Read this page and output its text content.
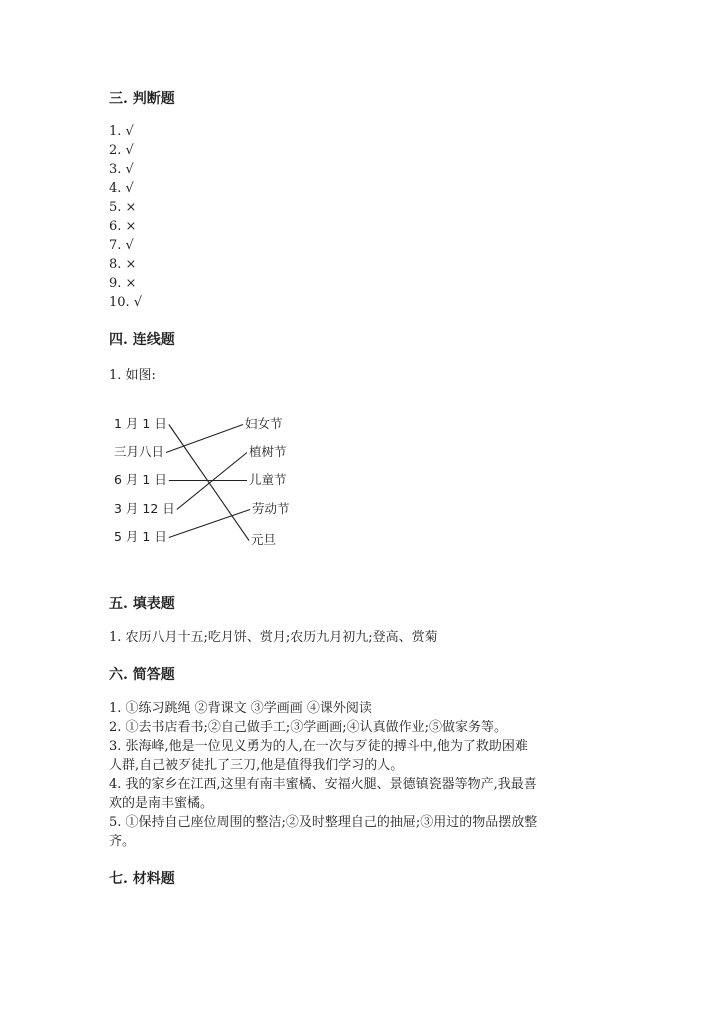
三. 判断题
1. √
2. √
3. √
4. √
5. ×
6. ×
7. √
8. ×
9. ×
10. √
四. 连线题

1. 如图:

1 月 1 日
三月八日
6 月 1 日
3 月 12 日
妇女节
5 月 1 日
植树节
儿童节
劳动节
元旦
五. 填表题

1. 农历八月十五;吃月饼、赏月;农历九月初九;登高、赏菊

六. 简答题

1. ①练习跳绳 ②背课文 ③学画画 ④课外阅读

2. ①去书店看书;②自己做手工;③学画画;④认真做作业;⑤做家务等。

3. 张海峰,他是一位见义勇为的人,在一次与歹徒的搏斗中,他为了救助困难

人群,自己被歹徒扎了三刀,他是值得我们学习的人。

4. 我的家乡在江西,这里有南丰蜜橘、安福火腿、景德镇瓷器等物产,我最喜

欢的是南丰蜜橘。

5. ①保持自己座位周围的整洁;②及时整理自己的抽屉;③用过的物品摆放整

齐。

七. 材料题
